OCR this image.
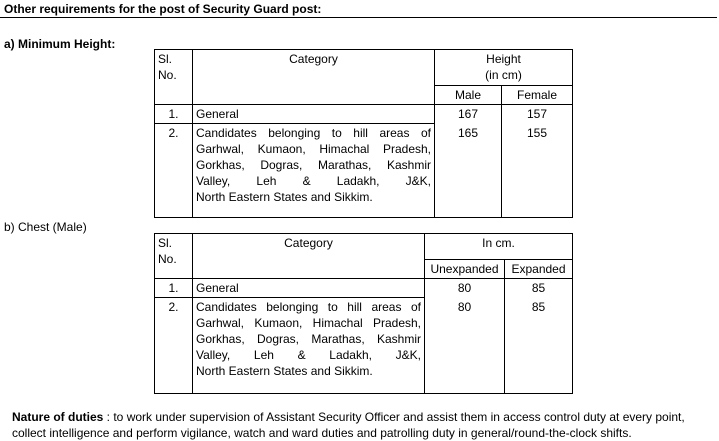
Other requirements for the post of Security Guard post:
a) Minimum Height:
Sl.
No.	Category	Height
(in cm)	

		Male	Female
1.	General	167	157
2.	Candidates belonging to hill areas of
Garhwal, Kumaon, Himachal Pradesh,
Gorkhas, Dogras, Marathas, Kashmir
Valley, Leh & Ladakh, J&K,
North Eastern States and Sikkim.	165	155
b) Chest (Male)
Sl.
No.	Category	In cm.	
		Unexpanded	Expanded
1.	General	80	85
2.	Candidates belonging to hill areas of
Garhwal, Kumaon, Himachal Pradesh,
Gorkhas, Dogras, Marathas, Kashmir
Valley, Leh & Ladakh, J&K,
North Eastern States and Sikkim.	80	85
Nature of duties : to work under supervision of Assistant Security Officer and assist them in access control duty at every point, collect intelligence and perform vigilance, watch and ward duties and patrolling duty in general/round-the-clock shifts.
